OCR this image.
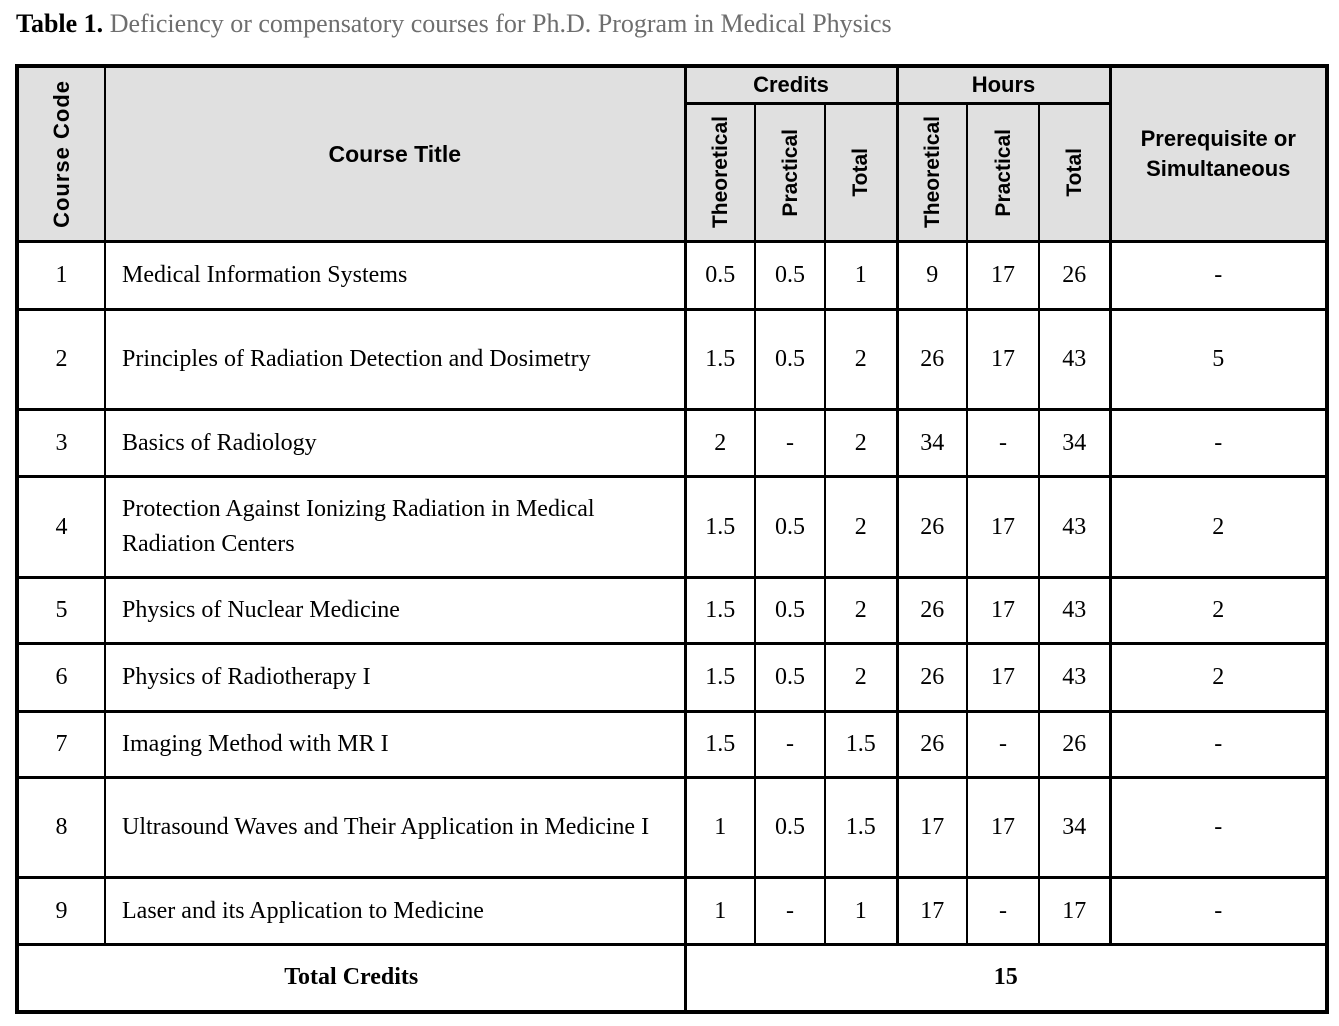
Table 1. Deficiency or compensatory courses for Ph.D. Program in Medical Physics
Course Code	Course Title	Credits			Hours			Prerequisite or Simultaneous

		Theoretical	Practical	Total	Theoretical	Practical	Total	

1	Medical Information Systems	0.5	0.5	1	9	17	26	-
2	Principles of Radiation Detection and Dosimetry	1.5	0.5	2	26	17	43	5
3	Basics of Radiology	2	-	2	34	-	34	-
4	Protection Against Ionizing Radiation in Medical Radiation Centers	1.5	0.5	2	26	17	43	2
5	Physics of Nuclear Medicine	1.5	0.5	2	26	17	43	2
6	Physics of Radiotherapy I	1.5	0.5	2	26	17	43	2
7	Imaging Method with MR I	1.5	-	1.5	26	-	26	-
8	Ultrasound Waves and Their Application in Medicine I	1	0.5	1.5	17	17	34	-
9	Laser and its Application to Medicine	1	-	1	17	-	17	-
Total Credits		15						
